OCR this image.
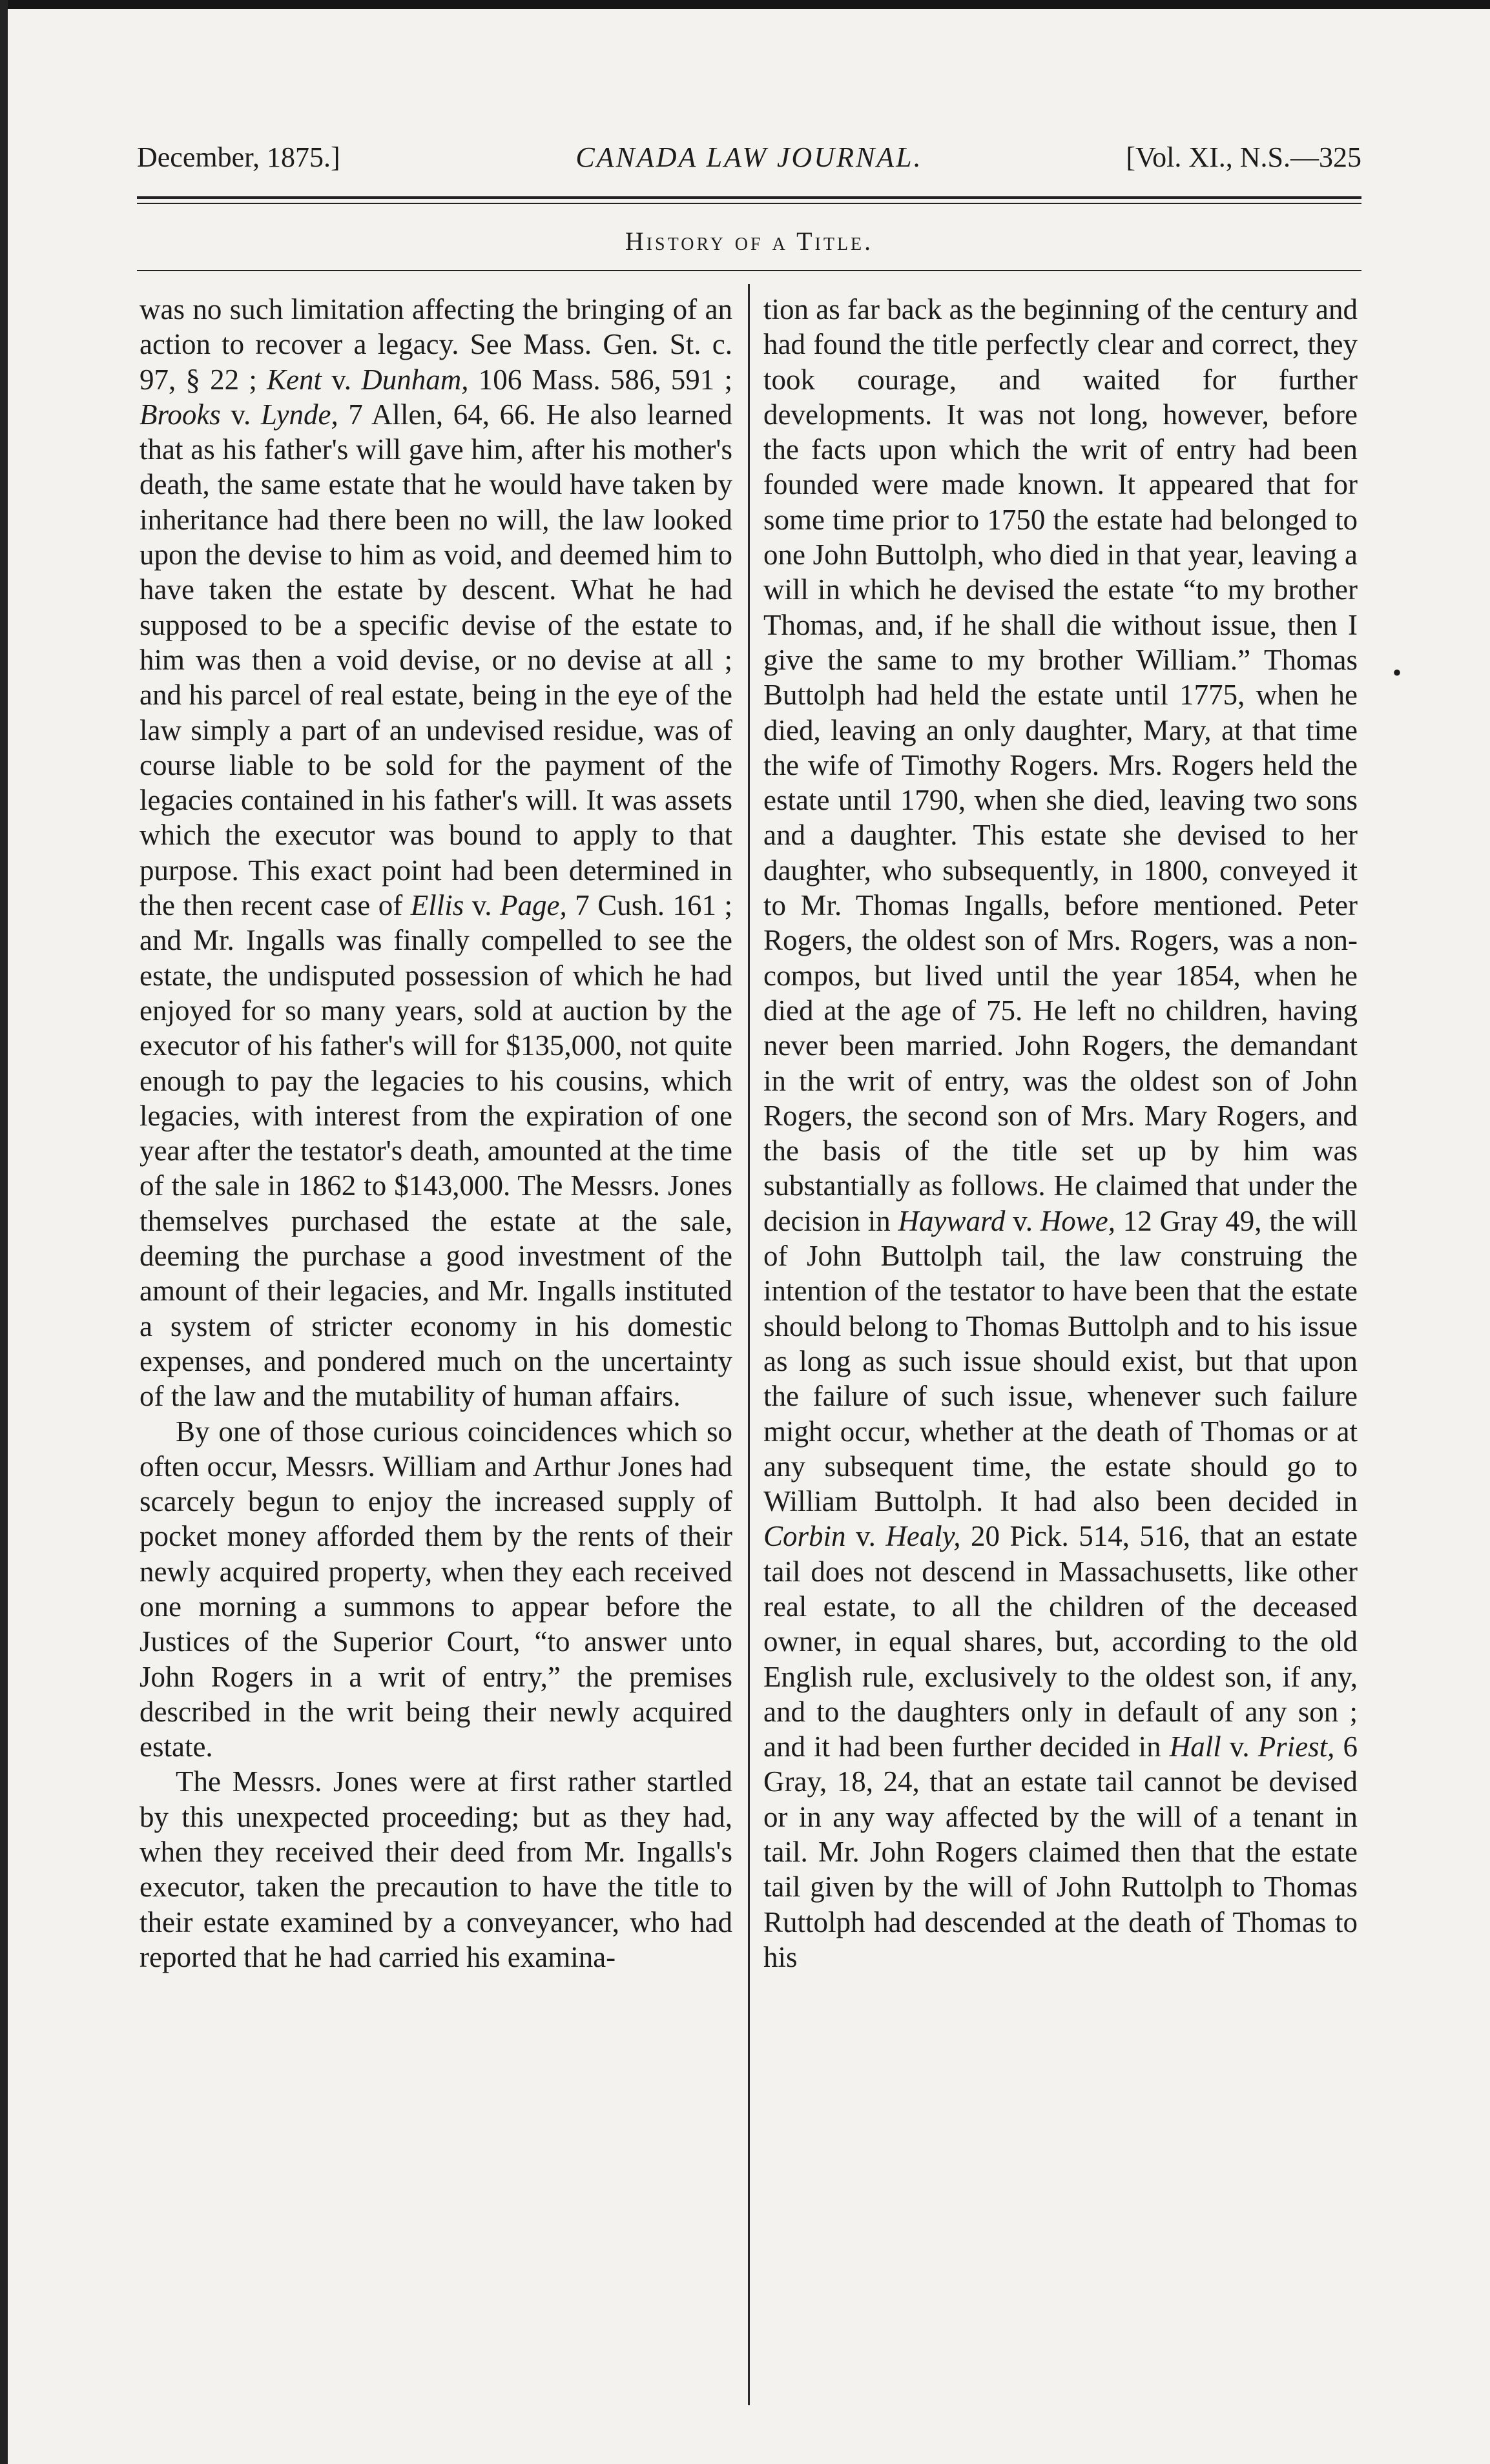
December, 1875.]	CANADA LAW JOURNAL.	[Vol. XI., N.S.—325
History of a Title.

was no such limitation affecting the bringing of an action to recover a legacy. See Mass. Gen. St. c. 97, § 22 ; Kent v. Dunham, 106 Mass. 586, 591 ; Brooks v. Lynde, 7 Allen, 64, 66. He also learned that as his father's will gave him, after his mother's death, the same estate that he would have taken by inheritance had there been no will, the law looked upon the devise to him as void, and deemed him to have taken the estate by descent. What he had supposed to be a specific devise of the estate to him was then a void devise, or no devise at all ; and his parcel of real estate, being in the eye of the law simply a part of an undevised residue, was of course liable to be sold for the payment of the legacies contained in his father's will. It was assets which the executor was bound to apply to that purpose. This exact point had been determined in the then recent case of Ellis v. Page, 7 Cush. 161 ; and Mr. Ingalls was finally compelled to see the estate, the undisputed possession of which he had enjoyed for so many years, sold at auction by the executor of his father's will for $135,000, not quite enough to pay the legacies to his cousins, which legacies, with interest from the expiration of one year after the testator's death, amounted at the time of the sale in 1862 to $143,000. The Messrs. Jones themselves purchased the estate at the sale, deeming the purchase a good investment of the amount of their legacies, and Mr. Ingalls instituted a system of stricter economy in his domestic expenses, and pondered much on the uncertainty of the law and the mutability of human affairs.

By one of those curious coincidences which so often occur, Messrs. William and Arthur Jones had scarcely begun to enjoy the increased supply of pocket money afforded them by the rents of their newly acquired property, when they each received one morning a summons to appear before the Justices of the Superior Court, “to answer unto John Rogers in a writ of entry,” the premises described in the writ being their newly acquired estate.

The Messrs. Jones were at first rather startled by this unexpected proceeding; but as they had, when they received their deed from Mr. Ingalls's executor, taken the precaution to have the title to their estate examined by a conveyancer, who had reported that he had carried his examina-

tion as far back as the beginning of the century and had found the title perfectly clear and correct, they took courage, and waited for further developments. It was not long, however, before the facts upon which the writ of entry had been founded were made known. It appeared that for some time prior to 1750 the estate had belonged to one John Buttolph, who died in that year, leaving a will in which he devised the estate “to my brother Thomas, and, if he shall die without issue, then I give the same to my brother William.” Thomas Buttolph had held the estate until 1775, when he died, leaving an only daughter, Mary, at that time the wife of Timothy Rogers. Mrs. Rogers held the estate until 1790, when she died, leaving two sons and a daughter. This estate she devised to her daughter, who subsequently, in 1800, conveyed it to Mr. Thomas Ingalls, before mentioned. Peter Rogers, the oldest son of Mrs. Rogers, was a non-compos, but lived until the year 1854, when he died at the age of 75. He left no children, having never been married. John Rogers, the demandant in the writ of entry, was the oldest son of John Rogers, the second son of Mrs. Mary Rogers, and the basis of the title set up by him was substantially as follows. He claimed that under the decision in Hayward v. Howe, 12 Gray 49, the will of John Buttolph tail, the law construing the intention of the testator to have been that the estate should belong to Thomas Buttolph and to his issue as long as such issue should exist, but that upon the failure of such issue, whenever such failure might occur, whether at the death of Thomas or at any subsequent time, the estate should go to William Buttolph. It had also been decided in Corbin v. Healy, 20 Pick. 514, 516, that an estate tail does not descend in Massachusetts, like other real estate, to all the children of the deceased owner, in equal shares, but, according to the old English rule, exclusively to the oldest son, if any, and to the daughters only in default of any son ; and it had been further decided in Hall v. Priest, 6 Gray, 18, 24, that an estate tail cannot be devised or in any way affected by the will of a tenant in tail. Mr. John Rogers claimed then that the estate tail given by the will of John Ruttolph to Thomas Ruttolph had descended at the death of Thomas to his

•
